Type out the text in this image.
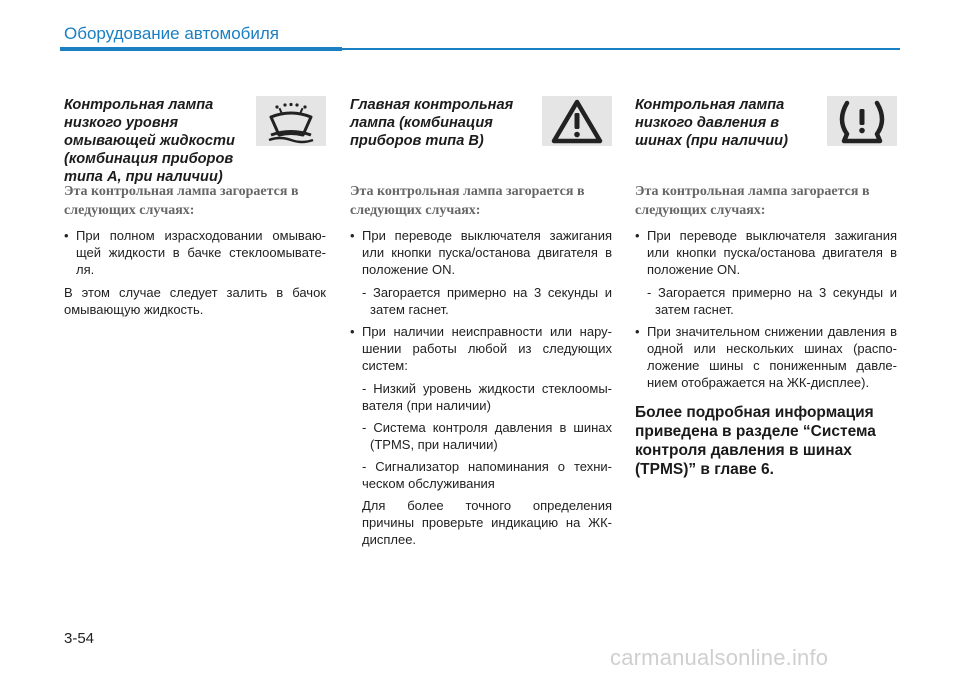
Оборудование автомобиля

Контрольная лампа низкого уровня омывающей жидкости (комбинация приборов типа А, при наличии)

Эта контрольная лампа загорается в следующих случаях:

• При полном израсходовании омываю-щей жидкости в бачке стеклоомывате-ля.

В этом случае следует залить в бачок омывающую жидкость.

Главная контрольная лампа (комбинация приборов типа B)

Эта контрольная лампа загорается в следующих случаях:

• При переводе выключателя зажигания или кнопки пуска/останова двигателя в положение ON.

- Загорается примерно на 3 секунды и затем гаснет.

• При наличии неисправности или нару-шении работы любой из следующих систем:

- Низкий уровень жидкости стеклоомы-вателя (при наличии)

- Система контроля давления в шинах (TPMS, при наличии)

- Сигнализатор напоминания о техни-ческом обслуживания

Для более точного определения причины проверьте индикацию на ЖК-дисплее.

Контрольная лампа низкого давления в шинах (при наличии)

Эта контрольная лампа загорается в следующих случаях:

• При переводе выключателя зажигания или кнопки пуска/останова двигателя в положение ON.

- Загорается примерно на 3 секунды и затем гаснет.

• При значительном снижении давления в одной или нескольких шинах (распо-ложение шины с пониженным давле-нием отображается на ЖК-дисплее).
Более подробная информация приведена в разделе “Система контроля давления в шинах (TPMS)” в главе 6.
3-54
carmanualsonline.info
